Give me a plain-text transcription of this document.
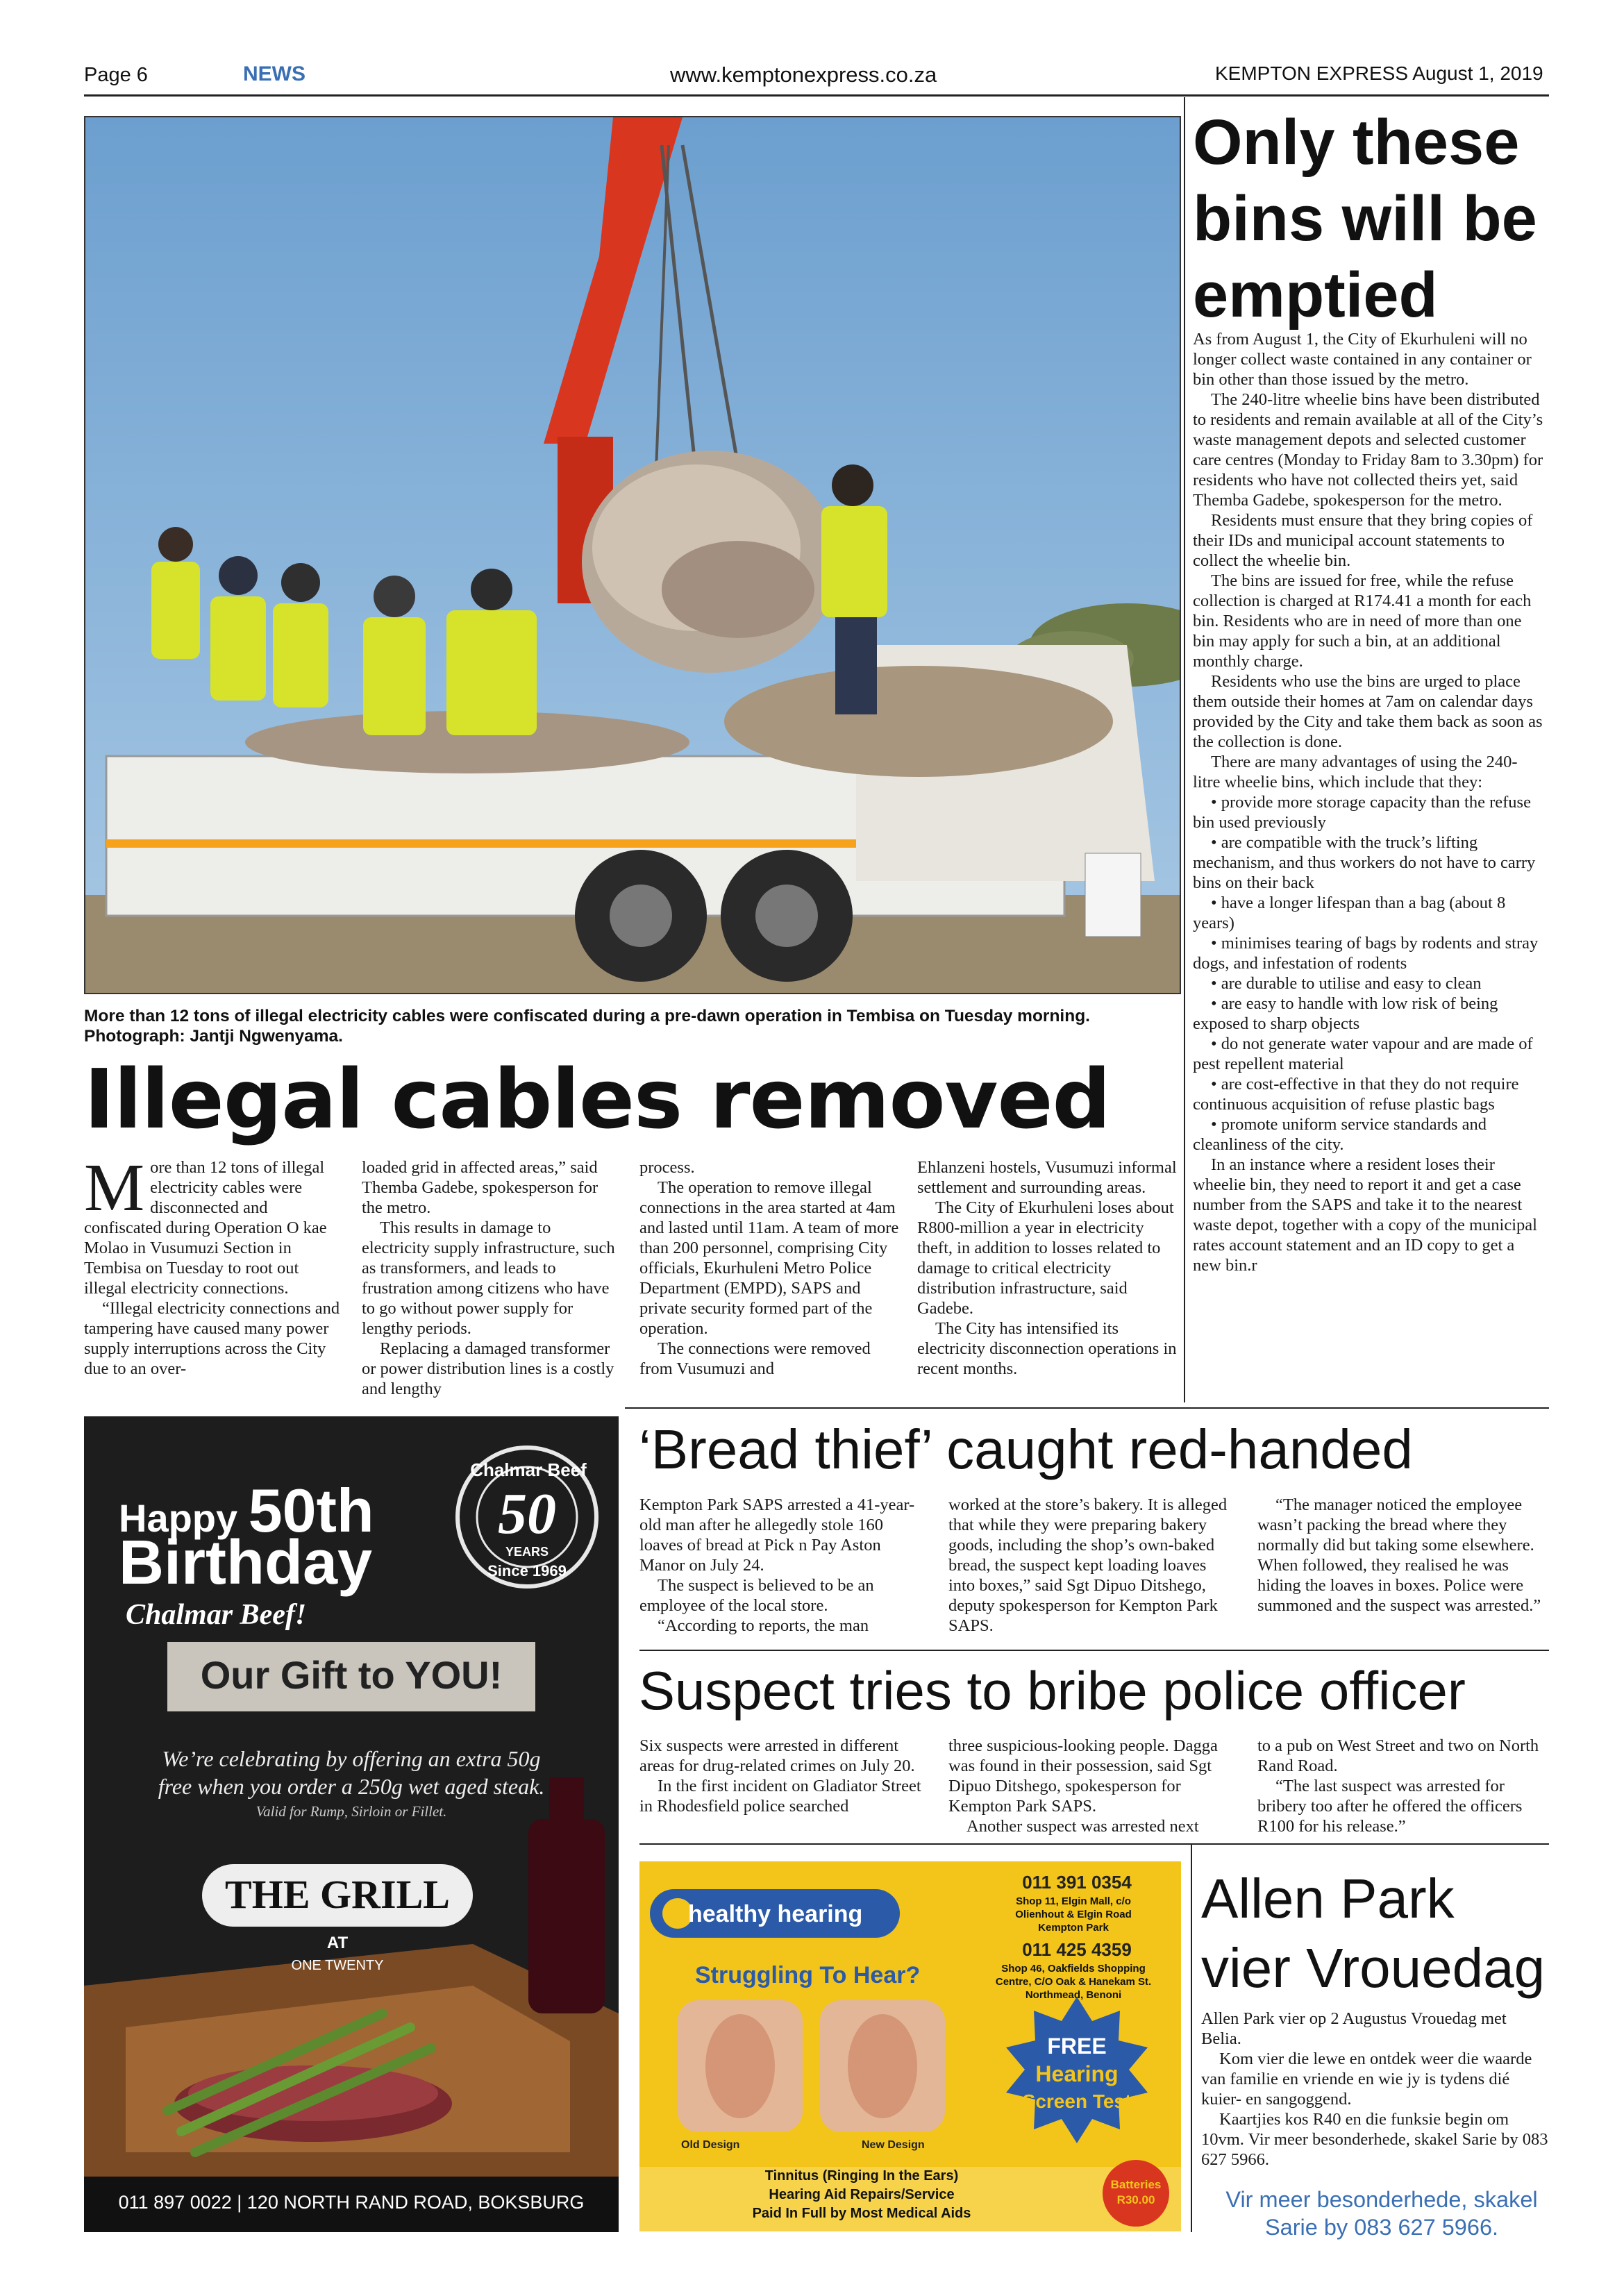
Page 6	NEWS	www.kemptonexpress.co.za	KEMPTON EXPRESS August 1, 2019
More than 12 tons of illegal electricity cables were confiscated during a pre-dawn operation in Tembisa on Tuesday morning. Photograph: Jantji Ngwenyama.
Illegal cables removed

More than 12 tons of illegal electricity cables were disconnected and confiscated during Operation O kae Molao in Vusumuzi Section in Tembisa on Tuesday to root out illegal electricity connections.

“Illegal electricity connections and tampering have caused many power supply interruptions across the City due to an over-

loaded grid in affected areas,” said Themba Gadebe, spokesperson for the metro.

This results in damage to electricity supply infrastructure, such as transformers, and leads to frustration among citizens who have to go without power supply for lengthy periods.

Replacing a damaged transformer or power distribution lines is a costly and lengthy

process.

The operation to remove illegal connections in the area started at 4am and lasted until 11am. A team of more than 200 personnel, comprising City officials, Ekurhuleni Metro Police Department (EMPD), SAPS and private security formed part of the operation.

The connections were removed from Vusumuzi and

Ehlanzeni hostels, Vusumuzi informal settlement and surrounding areas.

The City of Ekurhuleni loses about R800-million a year in electricity theft, in addition to losses related to damage to critical electricity distribution infrastructure, said Gadebe.

The City has intensified its electricity disconnection operations in recent months.

Only these bins will be emptied

As from August 1, the City of Ekurhuleni will no longer collect waste contained in any container or bin other than those issued by the metro.

The 240-litre wheelie bins have been distributed to residents and remain available at all of the City’s waste management depots and selected customer care centres (Monday to Friday 8am to 3.30pm) for residents who have not collected theirs yet, said Themba Gadebe, spokesperson for the metro.

Residents must ensure that they bring copies of their IDs and municipal account statements to collect the wheelie bin.

The bins are issued for free, while the refuse collection is charged at R174.41 a month for each bin. Residents who are in need of more than one bin may apply for such a bin, at an additional monthly charge.

Residents who use the bins are urged to place them outside their homes at 7am on calendar days provided by the City and take them back as soon as the collection is done.

There are many advantages of using the 240-litre wheelie bins, which include that they:

• provide more storage capacity than the refuse bin used previously

• are compatible with the truck’s lifting mechanism, and thus workers do not have to carry bins on their back

• have a longer lifespan than a bag (about 8 years)

• minimises tearing of bags by rodents and stray dogs, and infestation of rodents

• are durable to utilise and easy to clean

• are easy to handle with low risk of being exposed to sharp objects

• do not generate water vapour and are made of pest repellent material

• are cost-effective in that they do not require continuous acquisition of refuse plastic bags

• promote uniform service standards and cleanliness of the city.

In an instance where a resident loses their wheelie bin, they need to report it and get a case number from the SAPS and take it to the nearest waste depot, together with a copy of the municipal rates account statement and an ID copy to get a new bin.r

Happy 50th
Birthday
Chalmar Beef!
Chalmar Beef
50
YEARS
Since 1969
Our Gift to YOU!
We’re celebrating by offering an extra 50g
free when you order a 250g wet aged steak.
Valid for Rump, Sirloin or Fillet.
THE GRILL
AT
ONE TWENTY
011 897 0022 | 120 NORTH RAND ROAD, BOKSBURG
‘Bread thief’ caught red-handed

Kempton Park SAPS arrested a 41-year-old man after he allegedly stole 160 loaves of bread at Pick n Pay Aston Manor on July 24.

The suspect is believed to be an employee of the local store.

“According to reports, the man

worked at the store’s bakery. It is alleged that while they were preparing bakery goods, including the shop’s own-baked bread, the suspect kept loading loaves into boxes,” said Sgt Dipuo Ditshego, deputy spokesperson for Kempton Park SAPS.

“The manager noticed the employee wasn’t packing the bread where they normally did but taking some elsewhere. When followed, they realised he was hiding the loaves in boxes. Police were summoned and the suspect was arrested.”

Suspect tries to bribe police officer

Six suspects were arrested in different areas for drug-related crimes on July 20.

In the first incident on Gladiator Street in Rhodesfield police searched

three suspicious-looking people. Dagga was found in their possession, said Sgt Dipuo Ditshego, spokesperson for Kempton Park SAPS.

Another suspect was arrested next

to a pub on West Street and two on North Rand Road.

“The last suspect was arrested for bribery too after he offered the officers R100 for his release.”

healthy hearing
Struggling To Hear?
011 391 0354
Shop 11, Elgin Mall, c/o
Olienhout & Elgin Road
Kempton Park
011 425 4359
Shop 46, Oakfields Shopping
Centre, C/O Oak & Hanekam St.
Northmead, Benoni
FREE
Hearing
Screen Test
Old Design	New Design
Tinnitus (Ringing In the Ears)
Hearing Aid Repairs/Service
Paid In Full by Most Medical Aids
Batteries
R30.00
Allen Park
vier Vrouedag

Allen Park vier op 2 Augustus Vrouedag met Belia.

Kom vier die lewe en ontdek weer die waarde van familie en vriende en wie jy is tydens dié kuier- en sangoggend.

Kaartjies kos R40 en die funksie begin om 10vm. Vir meer besonderhede, skakel Sarie by 083 627 5966.

Vir meer besonderhede, skakel Sarie by 083 627 5966.
